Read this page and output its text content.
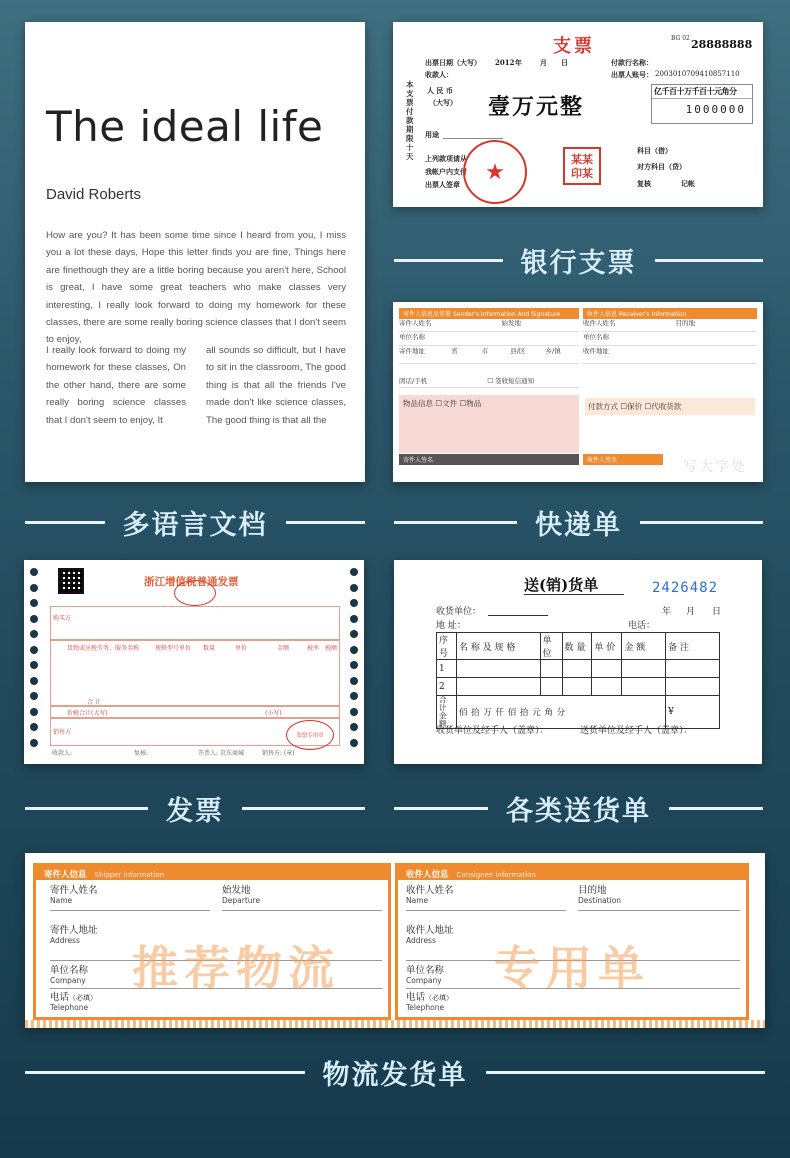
The ideal life
David Roberts
How are you? It has been some time since I heard from you, I miss you a lot these days, Hope this letter finds you are fine, Things here are finethough they are a little boring because you aren't here, School is great, I have some great teachers who make classes very interesting, I really look forward to doing my homework for these classes, there are some really boring science classes that I don't seem to enjoy,
I really look forward to doing my homework for these classes, On the other hand, there are some really boring science classes that I don't seem to enjoy, It
all sounds so difficult, but I have to sit in the classroom, The good thing is that all the friends I've made don't like science classes, The good thing is that all the
支票	BG 02 28888888
出票日期（大写） 2012 年	月 日
收款人：
付款行名称：
出票人账号： 20030107094108571​10
本支票付款期限十天
人 民 币
（大写） 壹万元整
亿千百十万千百十元角分
1000000
用途
上列款项请从
我帐户内支付
出票人签章	★	某某 印某
科目（借）
对方科目（贷）
复核	记帐
寄件人信息及签署 Sender's Information And Signature	收件人信息 Receiver's Information
寄件人姓名	始发地
单位名称
寄件地址	省	市	县/区	乡/镇
固话/手机	☐ 签收短信通知
收件人姓名	目的地
单位名称
收件地址
物品信息 ☐文件 ☐物品	付款方式 ☐保价 ☐代收货款
寄件人签名	收件人签名	写大字处
浙江增值税普通发票
购买方
货物或应税劳务、服务名称	规格型号 单位 数量	单价	金额	税率 税额
合 计
价税合计(大写)	(小写)
销售方	发票专用章
收款人:	复核:	开票人: 京东商城	销售方: (章)
送(销)货单	2426482
收货单位：	年 月 日
地 址：	电话：
序号	名 称 及 规 格	单位	数 量	单 价	金 额	备 注
1						
2						
合计金额	佰 拾 万 仟 佰 拾 元 角 分					¥
收货单位及经手人（盖章）：	送货单位及经手人（盖章）：
寄件人信息 Shipper information
寄件人姓名
Name
始发地
Departure
寄件人地址
Address
单位名称
Company
电话（必填）
Telephone
推荐物流
收件人信息 Consignee information
收件人姓名
Name
目的地
Destination
收件人地址
Address
单位名称
Company
电话（必填）
Telephone
专用单
银行支票
多语言文档	快递单
发票	各类送货单
物流发货单
